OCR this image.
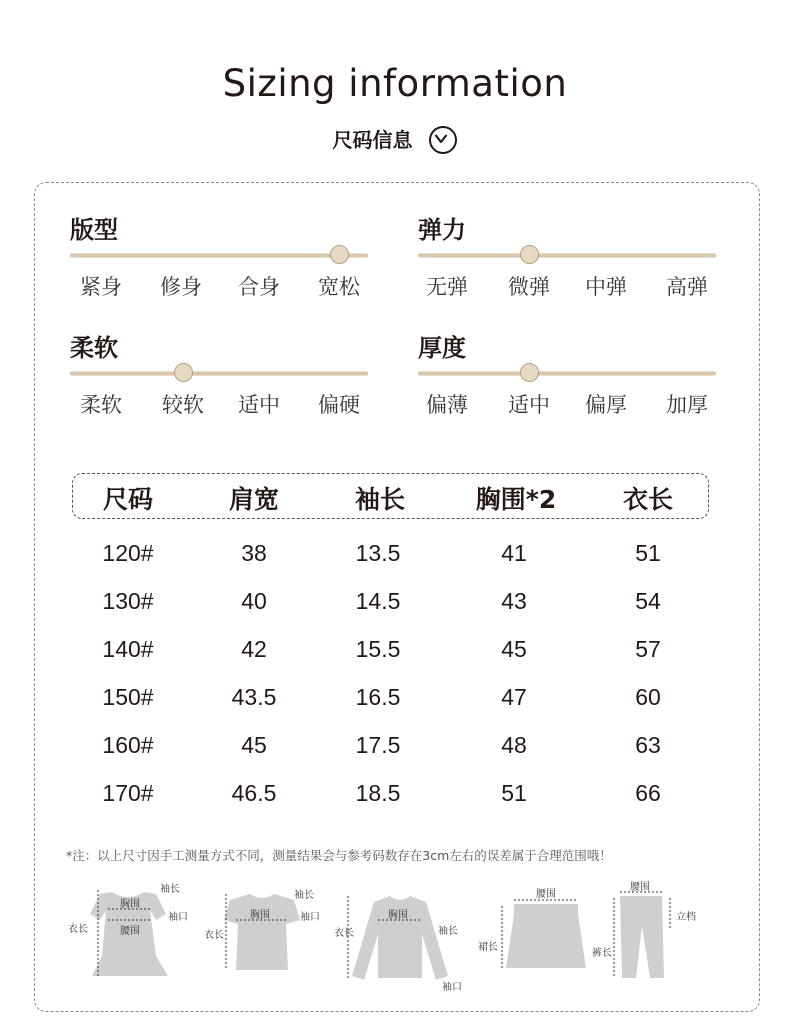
Sizing information
尺码信息
版型
紧身	修身	合身	宽松
弹力
无弹	微弹	中弹	高弹
柔软
柔软	较软	适中	偏硬
厚度
偏薄	适中	偏厚	加厚
尺码	肩宽	袖长	胸围*2	衣长
120#	38	13.5	41	51
130#	40	14.5	43	54
140#	42	15.5	45	57
150#	43.5	16.5	47	60
160#	45	17.5	48	63
170#	46.5	18.5	51	66
*注：以上尺寸因手工测量方式不同，测量结果会与参考码数存在3cm左右的误差属于合理范围哦！
袖长
胸围
袖口
衣长	腰围
袖长
胸围	袖口
衣长
胸围
袖长
衣长
袖口
腰围
裙长
腰围
立档
裤长
